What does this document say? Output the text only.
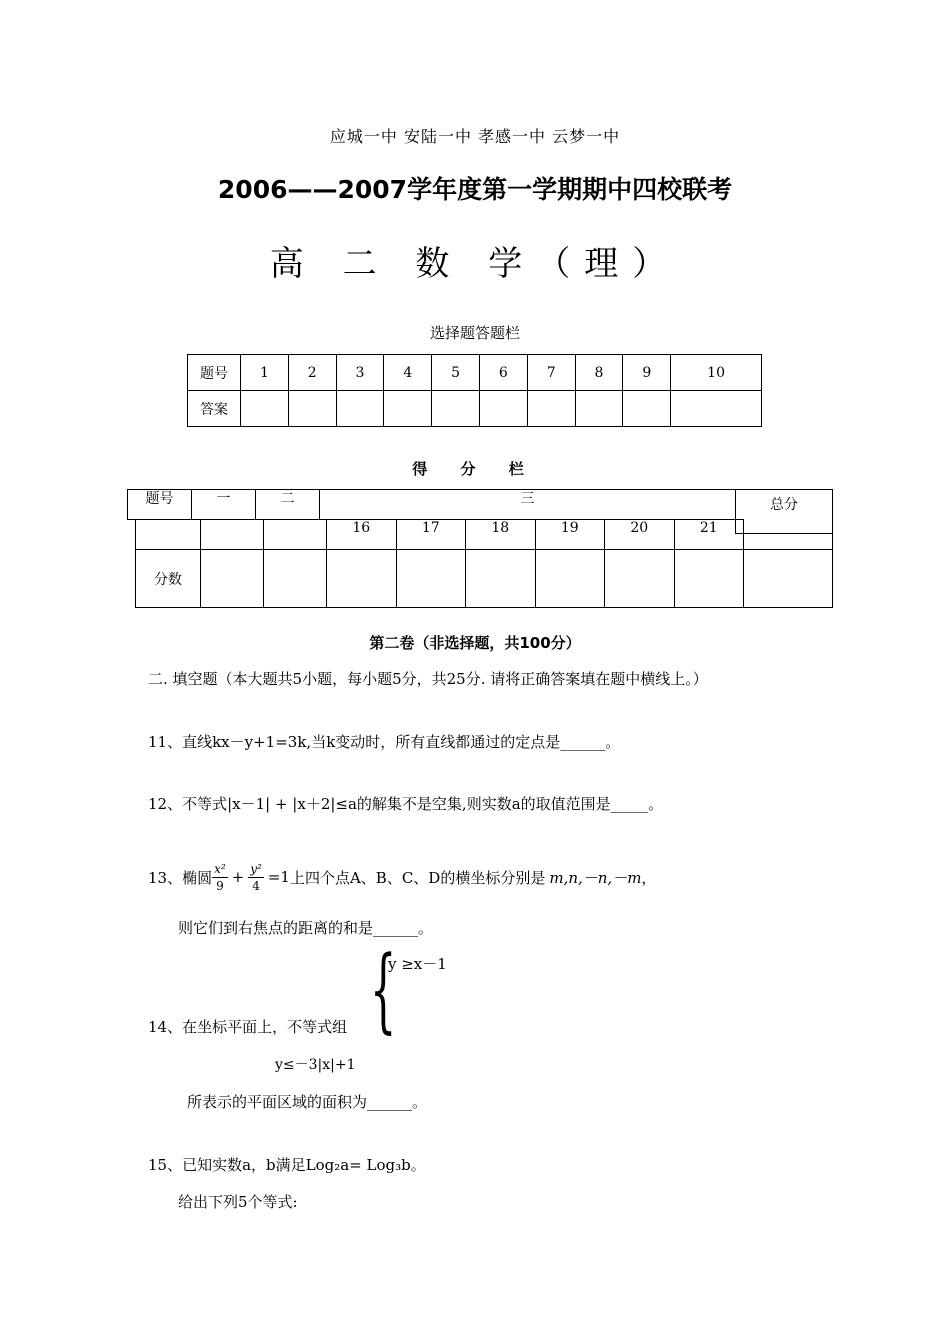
应城一中 安陆一中 孝感一中 云梦一中
2006——2007学年度第一学期期中四校联考
高 二 数 学（理）
选择题答题栏
题号	1	2	3	4	5	6	7	8	9	10
答案										
得 分 栏
题号	一	二	三	总分
			16	17	18	19	20	21	
分数									
第二卷（非选择题，共100分）
二. 填空题（本大题共5小题，每小题5分，共25分. 请将正确答案填在题中横线上。）
11、直线kx－y+1=3k,当k变动时，所有直线都通过的定点是______。
12、不等式|x－1| + |x＋2|≤a的解集不是空集,则实数a的取值范围是_____。
13、椭圆 $\frac{\text{x²}}{9} + \frac{\text{y²}}{4} =1$ 上四个点A、B、C、D的横坐标分别是 m,n,－n,－m ，
则它们到右焦点的距离的和是______。
y ≥x－1
{
14、在坐标平面上，不等式组
y≤－3|x|+1
所表示的平面区域的面积为______。
15、已知实数a，b满足Log₂a= Log₃b。
给出下列5个等式:
